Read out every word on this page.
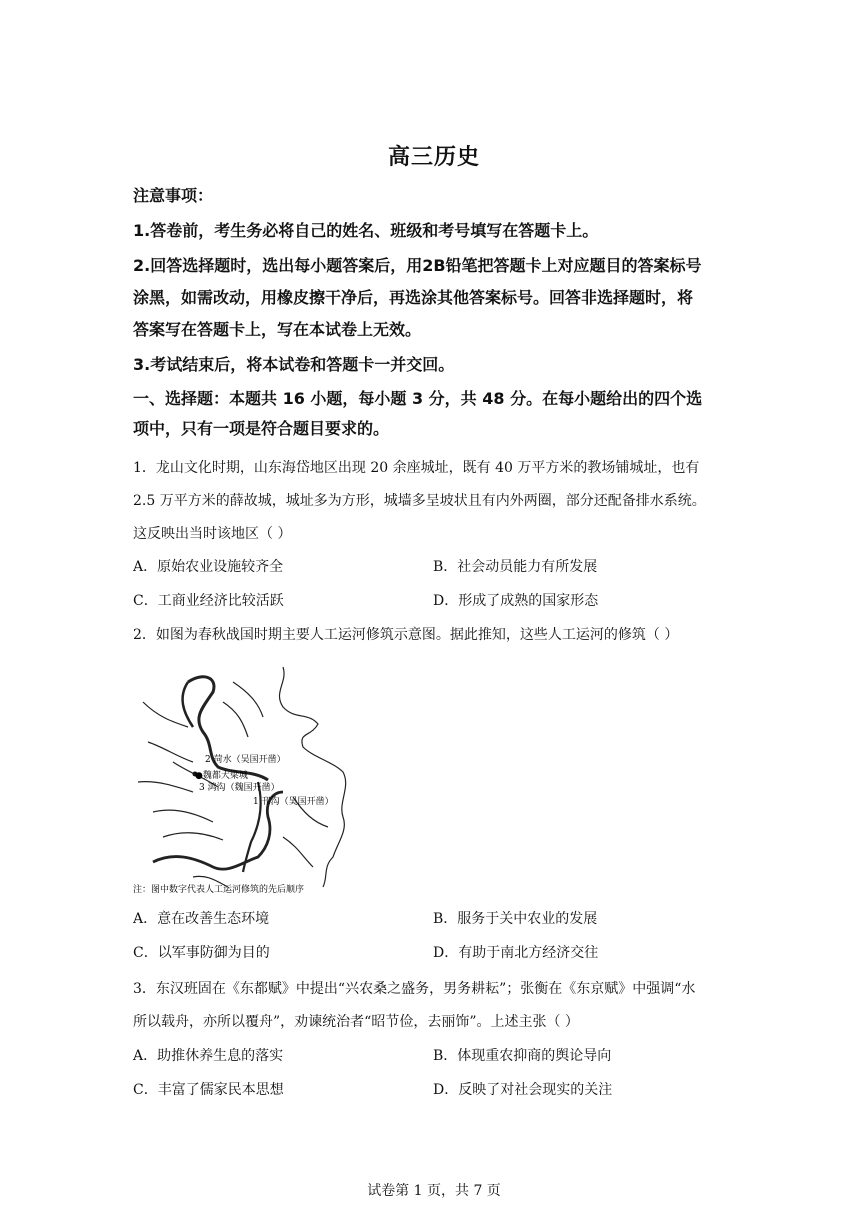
高三历史
注意事项：
1.答卷前，考生务必将自己的姓名、班级和考号填写在答题卡上。
2.回答选择题时，选出每小题答案后，用2B铅笔把答题卡上对应题目的答案标号
涂黑，如需改动，用橡皮擦干净后，再选涂其他答案标号。回答非选择题时，将
答案写在答题卡上，写在本试卷上无效。
3.考试结束后，将本试卷和答题卡一并交回。
一、选择题：本题共 16 小题，每小题 3 分，共 48 分。在每小题给出的四个选
项中，只有一项是符合题目要求的。
1．龙山文化时期，山东海岱地区出现 20 余座城址，既有 40 万平方米的教场铺城址，也有
2.5 万平方米的薛故城，城址多为方形，城墙多呈坡状且有内外两圈，部分还配备排水系统。
这反映出当时该地区（ ）
A．原始农业设施较齐全	B．社会动员能力有所发展
C．工商业经济比较活跃	D．形成了成熟的国家形态
2．如图为春秋战国时期主要人工运河修筑示意图。据此推知，这些人工运河的修筑（ ）
2 菏水（吴国开凿）
●魏都大梁城
3 鸿沟（魏国开凿）
1 邗沟（吴国开凿）
注：图中数字代表人工运河修筑的先后顺序
A．意在改善生态环境	B．服务于关中农业的发展
C．以军事防御为目的	D．有助于南北方经济交往
3．东汉班固在《东都赋》中提出“兴农桑之盛务，男务耕耘”；张衡在《东京赋》中强调“水
所以载舟，亦所以覆舟”，劝谏统治者“昭节俭，去丽饰”。上述主张（ ）
A．助推休养生息的落实	B．体现重农抑商的舆论导向
C．丰富了儒家民本思想	D．反映了对社会现实的关注
试卷第 1 页，共 7 页
